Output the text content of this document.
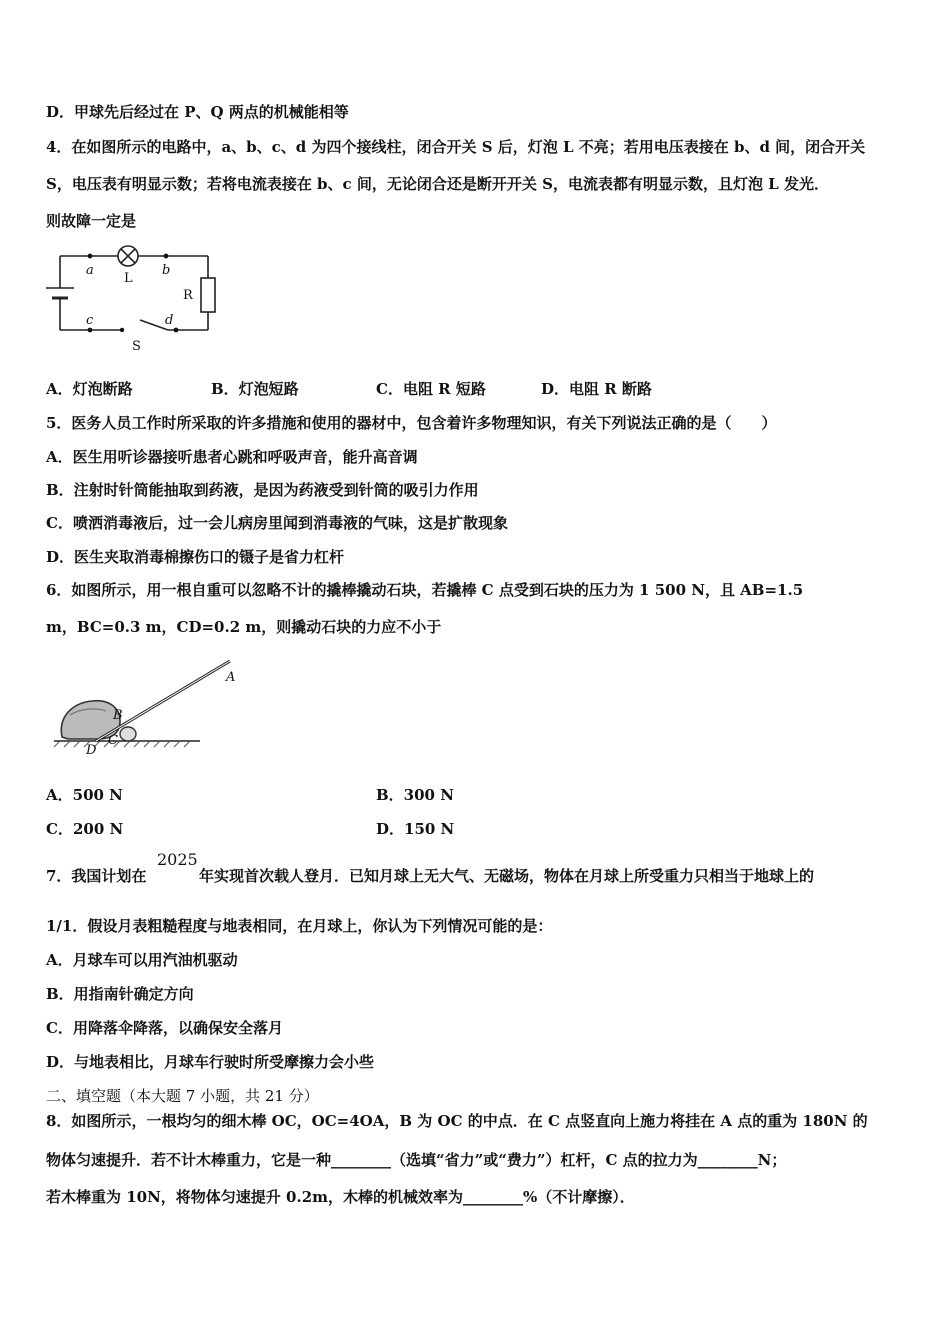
D．甲球先后经过在 P、Q 两点的机械能相等
4．在如图所示的电路中，a、b、c、d 为四个接线柱，闭合开关 S 后，灯泡 L 不亮；若用电压表接在 b、d 间，闭合开关
S，电压表有明显示数；若将电流表接在 b、c 间，无论闭合还是断开开关 S，电流表都有明显示数，且灯泡 L 发光．
则故障一定是
a
L
b
R
c	d
S
A．灯泡断路	B．灯泡短路	C．电阻 R 短路	D．电阻 R 断路
5．医务人员工作时所采取的许多措施和使用的器材中，包含着许多物理知识，有关下列说法正确的是（　　）
A．医生用听诊器接听患者心跳和呼吸声音，能升高音调
B．注射时针筒能抽取到药液，是因为药液受到针筒的吸引力作用
C．喷洒消毒液后，过一会儿病房里闻到消毒液的气味，这是扩散现象
D．医生夹取消毒棉擦伤口的镊子是省力杠杆
6．如图所示，用一根自重可以忽略不计的撬棒撬动石块，若撬棒 C 点受到石块的压力为 1 500 N，且 AB=1.5
m，BC=0.3 m，CD=0.2 m，则撬动石块的力应不小于
A
B
C
D
A．500 N	B．300 N
C．200 N	D．150 N
7．我国计划在
2025
年实现首次载人登月．已知月球上无大气、无磁场，物体在月球上所受重力只相当于地球上的
1/1．假设月表粗糙程度与地表相同，在月球上，你认为下列情况可能的是：
A．月球车可以用汽油机驱动
B．用指南针确定方向
C．用降落伞降落，以确保安全落月
D．与地表相比，月球车行驶时所受摩擦力会小些
二、填空题（本大题 7 小题，共 21 分）
8．如图所示，一根均匀的细木棒 OC，OC=4OA，B 为 OC 的中点．在 C 点竖直向上施力将挂在 A 点的重为 180N 的
物体匀速提升．若不计木棒重力，它是一种________（选填“省力”或“费力”）杠杆，C 点的拉力为________N；
若木棒重为 10N，将物体匀速提升 0.2m，木棒的机械效率为________%（不计摩擦）．
